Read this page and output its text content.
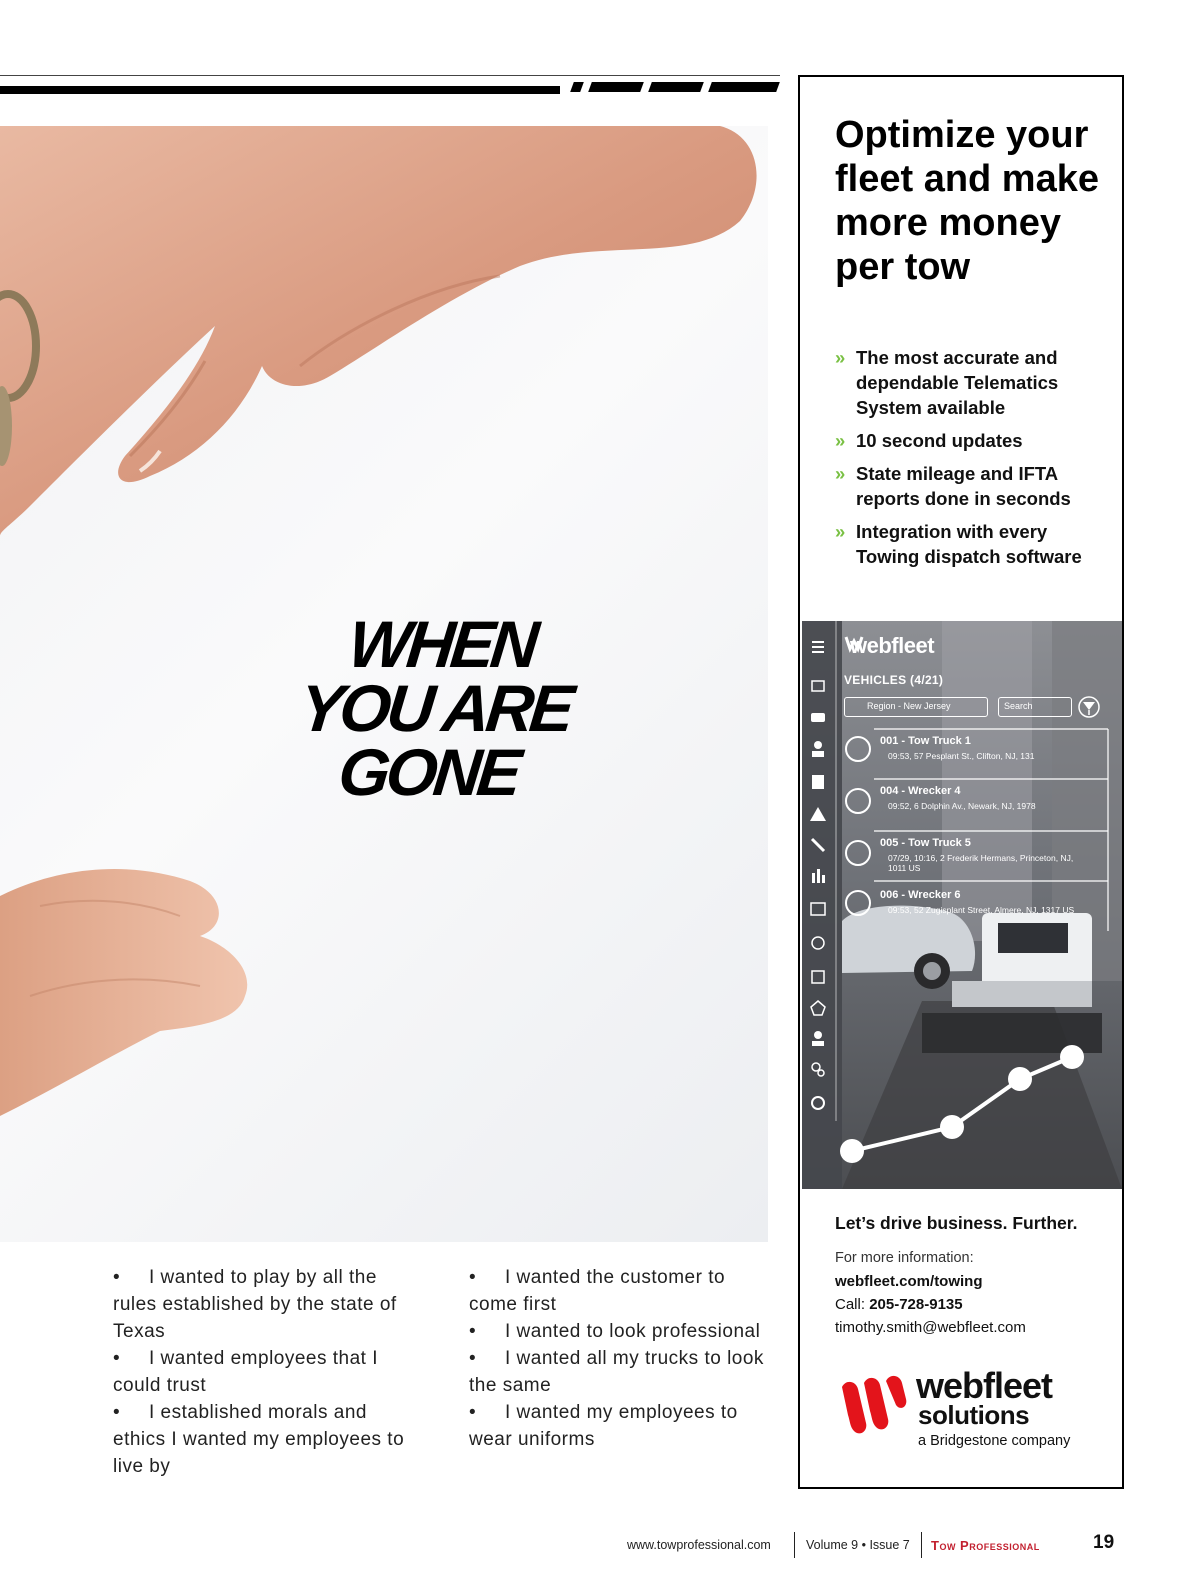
WHEN
YOU ARE
GONE

• I wanted to play by all the rules established by the state of Texas

• I wanted employees that I could trust

• I established morals and ethics I wanted my employees to live by

• I wanted the customer to come first

• I wanted to look professional

• I wanted all my trucks to look the same

• I wanted my employees to wear uniforms

Optimize your fleet and make more money per tow
» The most accurate and dependable Telematics System available
» 10 second updates
» State mileage and IFTA reports done in seconds
» Integration with every Towing dispatch software
webfleet
VEHICLES (4/21)
Region - New Jersey	Search
001 - Tow Truck 1
09:53, 57 Pesplant St., Clifton, NJ, 131
004 - Wrecker 4
09:52, 6 Dolphin Av., Newark, NJ, 1978
005 - Tow Truck 5
07/29, 10:16, 2 Frederik Hermans, Princeton, NJ, 1011 US
006 - Wrecker 6
09:53, 52 Zugisplant Street, Almere, NJ, 1317 US
Let’s drive business. Further.
For more information:
webfleet.com/towing
Call: 205-728-9135
timothy.smith@webfleet.com
webfleet
solutions
a Bridgestone company
www.towprofessional.com	Volume 9 • Issue 7 Tow Professional	19
